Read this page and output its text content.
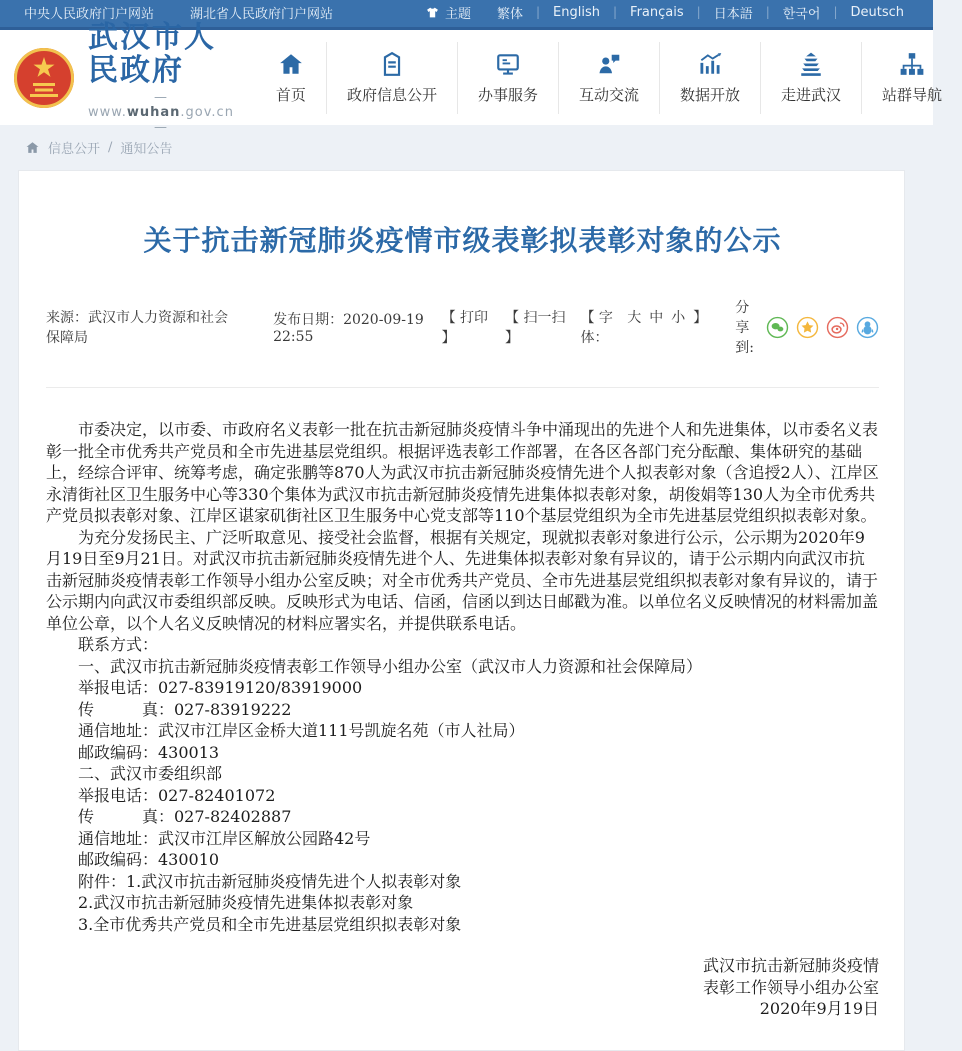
中央人民政府门户网站	湖北省人民政府门户网站	主题	繁体	|	English	|	Français	|	日本語	|	한국어	|	Deutsch
武汉市人民政府
— www.wuhan.gov.cn —
首页	政府信息公开	办事服务	互动交流	数据开放	走进武汉	站群导航
信息公开 / 通知公告
关于抗击新冠肺炎疫情市级表彰拟表彰对象的公示
来源：武汉市人力资源和社会保障局
发布日期：2020-09-19 22:55
【 打印 】
【 扫一扫 】
【 字体：
大 中 小 】
分享到:

市委决定，以市委、市政府名义表彰一批在抗击新冠肺炎疫情斗争中涌现出的先进个人和先进集体，以市委名义表彰一批全市优秀共产党员和全市先进基层党组织。根据评选表彰工作部署，在各区各部门充分酝酿、集体研究的基础上，经综合评审、统筹考虑，确定张鹏等870人为武汉市抗击新冠肺炎疫情先进个人拟表彰对象（含追授2人）、江岸区永清街社区卫生服务中心等330个集体为武汉市抗击新冠肺炎疫情先进集体拟表彰对象，胡俊娟等130人为全市优秀共产党员拟表彰对象、江岸区谌家矶街社区卫生服务中心党支部等110个基层党组织为全市先进基层党组织拟表彰对象。

为充分发扬民主、广泛听取意见、接受社会监督，根据有关规定，现就拟表彰对象进行公示，公示期为2020年9月19日至9月21日。对武汉市抗击新冠肺炎疫情先进个人、先进集体拟表彰对象有异议的，请于公示期内向武汉市抗击新冠肺炎疫情表彰工作领导小组办公室反映；对全市优秀共产党员、全市先进基层党组织拟表彰对象有异议的，请于公示期内向武汉市委组织部反映。反映形式为电话、信函，信函以到达日邮戳为准。以单位名义反映情况的材料需加盖单位公章，以个人名义反映情况的材料应署实名，并提供联系电话。

联系方式：

一、武汉市抗击新冠肺炎疫情表彰工作领导小组办公室（武汉市人力资源和社会保障局）

举报电话：027-83919120/83919000

传　　　真：027-83919222

通信地址：武汉市江岸区金桥大道111号凯旋名苑（市人社局）

邮政编码：430013

二、武汉市委组织部

举报电话：027-82401072

传　　　真：027-82402887

通信地址：武汉市江岸区解放公园路42号

邮政编码：430010

附件：1.武汉市抗击新冠肺炎疫情先进个人拟表彰对象

2.武汉市抗击新冠肺炎疫情先进集体拟表彰对象

3.全市优秀共产党员和全市先进基层党组织拟表彰对象

武汉市抗击新冠肺炎疫情

表彰工作领导小组办公室

2020年9月19日
